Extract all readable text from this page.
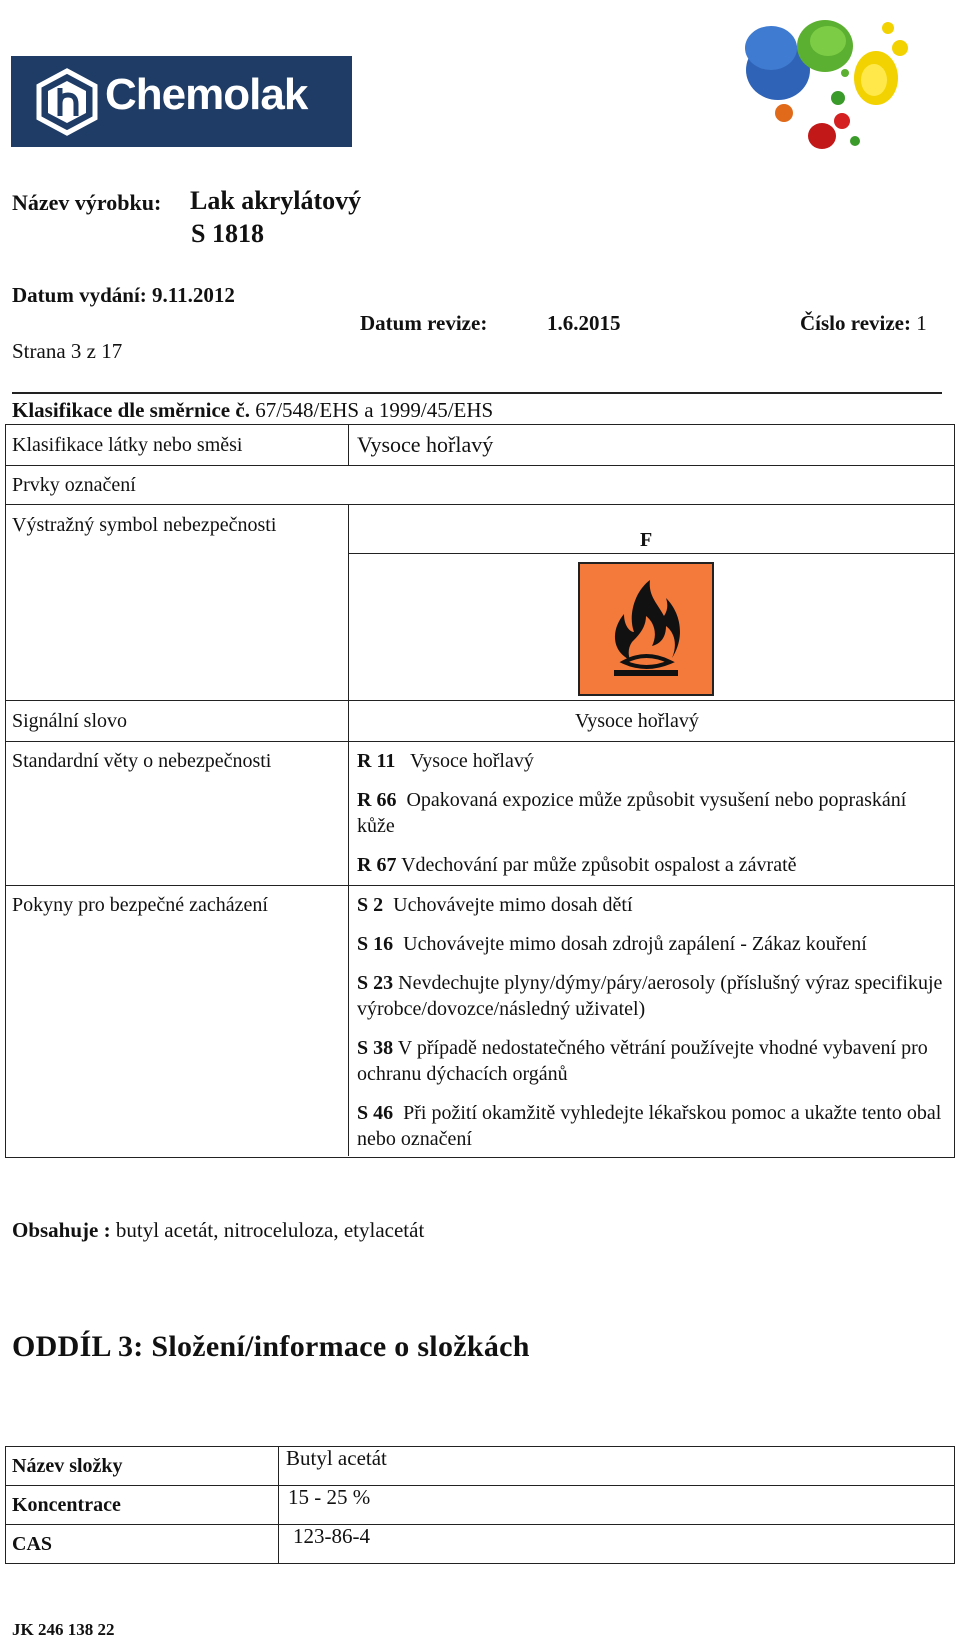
Chemolak
Název výrobku: Lak akrylátový
S 1818
Datum vydání: 9.11.2012
Strana 3 z 17
Datum revize:	1.6.2015	Číslo revize: 1
Klasifikace dle směrnice č. 67/548/EHS a 1999/45/EHS
Klasifikace látky nebo směsi	Vysoce hořlavý
Prvky označení
Výstražný symbol nebezpečnosti
F
Signální slovo	Vysoce hořlavý
Standardní věty o nebezpečnosti	R 11 Vysoce hořlavý
R 66 Opakovaná expozice může způsobit vysušení nebo popraskání kůže
R 67 Vdechování par může způsobit ospalost a závratě
Pokyny pro bezpečné zacházení	S 2 Uchovávejte mimo dosah dětí
S 16 Uchovávejte mimo dosah zdrojů zapálení - Zákaz kouření
S 23 Nevdechujte plyny/dýmy/páry/aerosoly (příslušný výraz specifikuje výrobce/dovozce/následný uživatel)
S 38 V případě nedostatečného větrání používejte vhodné vybavení pro ochranu dýchacích orgánů
S 46 Při požití okamžitě vyhledejte lékařskou pomoc a ukažte tento obal nebo označení
Obsahuje : butyl acetát, nitroceluloza, etylacetát
ODDÍL 3: Složení/informace o složkách
Název složky	Butyl acetát
Koncentrace	15 - 25 %
CAS	123-86-4
JK 246 138 22
